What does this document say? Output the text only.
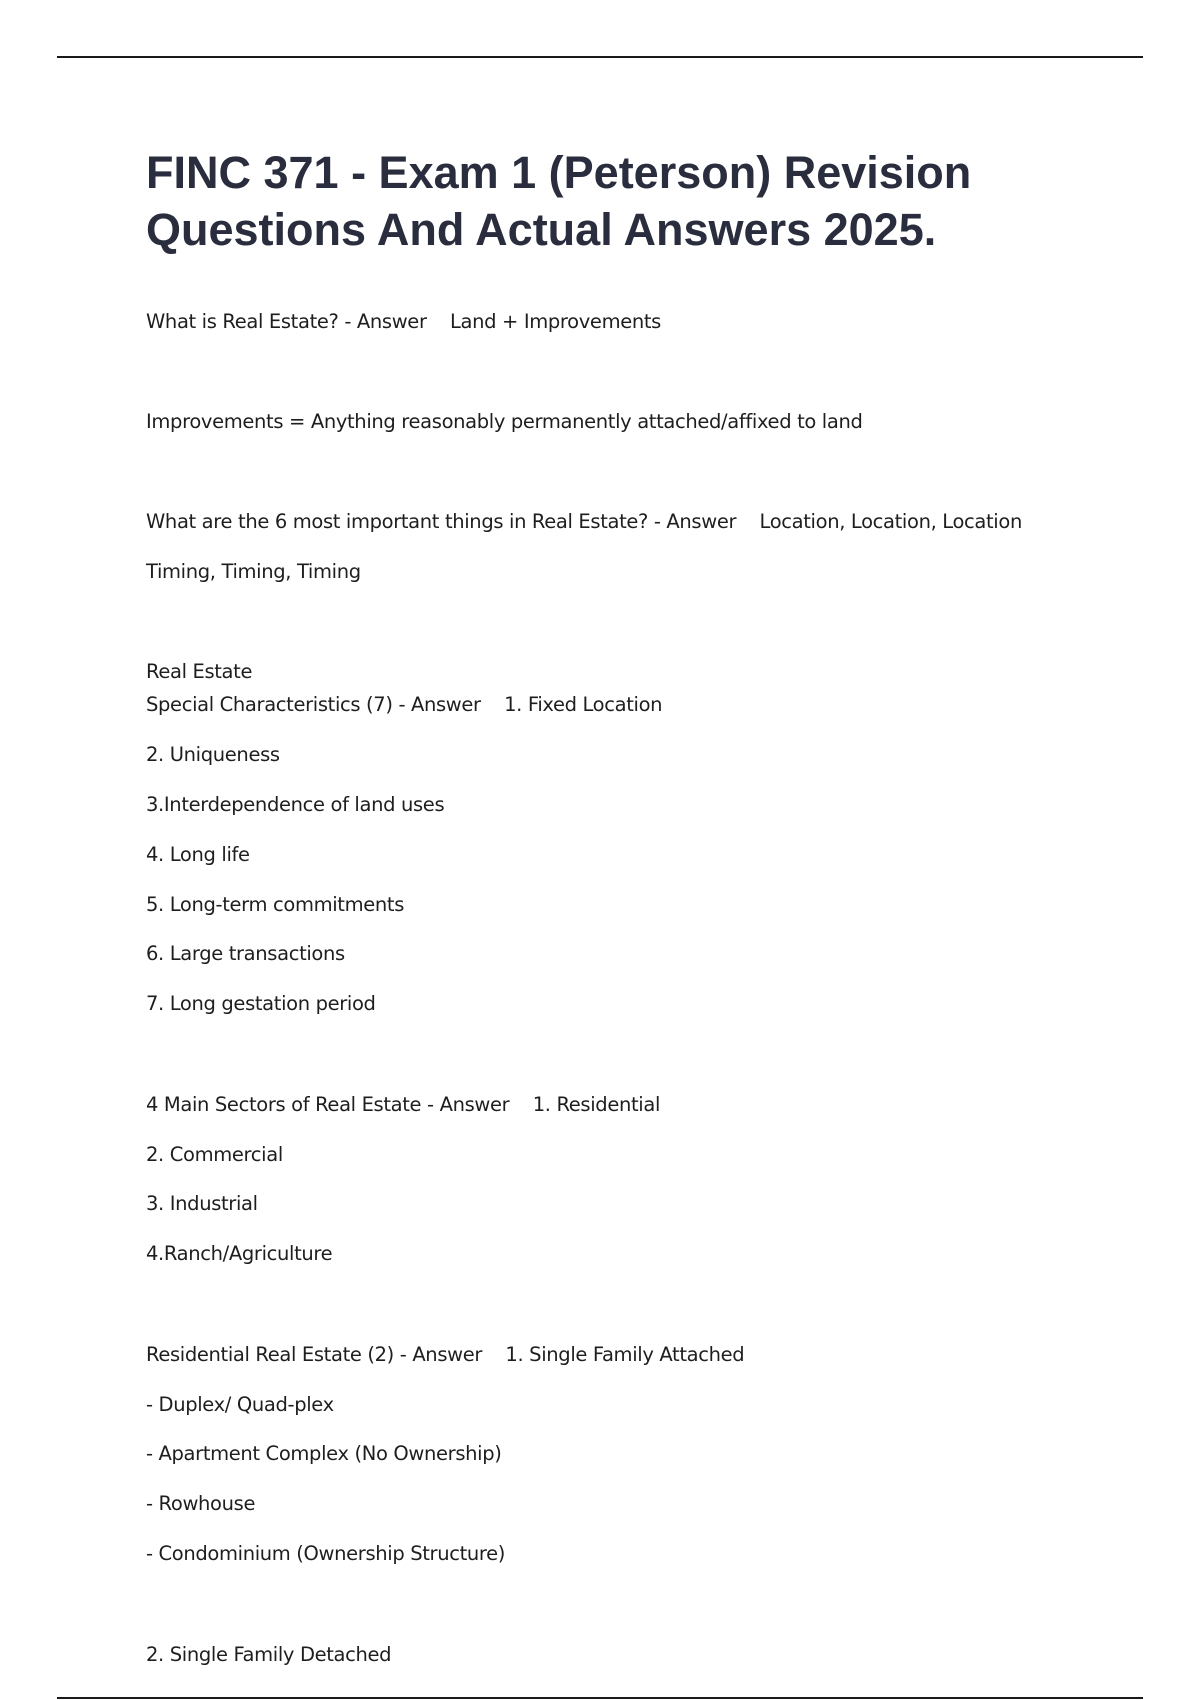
FINC 371 - Exam 1 (Peterson) Revision
Questions And Actual Answers 2025.
What is Real Estate? - Answer    Land + Improvements
Improvements = Anything reasonably permanently attached/affixed to land
What are the 6 most important things in Real Estate? - Answer    Location, Location, Location
Timing, Timing, Timing
Real Estate
Special Characteristics (7) - Answer    1. Fixed Location
2. Uniqueness
3.Interdependence of land uses
4. Long life
5. Long-term commitments
6. Large transactions
7. Long gestation period
4 Main Sectors of Real Estate - Answer    1. Residential
2. Commercial
3. Industrial
4.Ranch/Agriculture
Residential Real Estate (2) - Answer    1. Single Family Attached
- Duplex/ Quad-plex
- Apartment Complex (No Ownership)
- Rowhouse
- Condominium (Ownership Structure)
2. Single Family Detached
